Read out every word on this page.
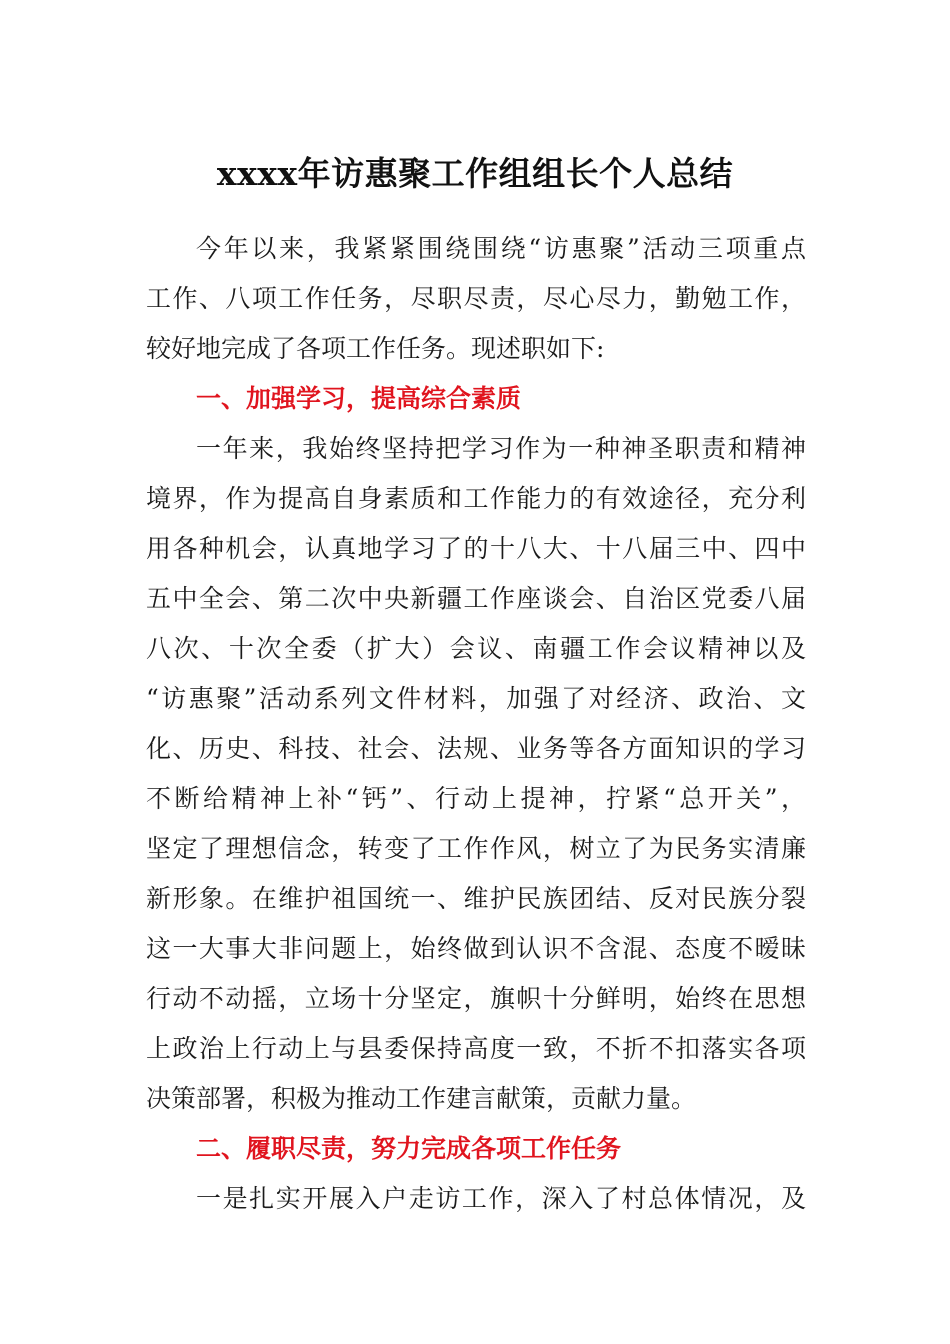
xxxx年访惠聚工作组组长个人总结
今年以来，我紧紧围绕围绕“访惠聚”活动三项重点
工作、八项工作任务，尽职尽责，尽心尽力，勤勉工作，
较好地完成了各项工作任务。现述职如下:
一、加强学习，提高综合素质
一年来，我始终坚持把学习作为一种神圣职责和精神
境界，作为提高自身素质和工作能力的有效途径，充分利
用各种机会，认真地学习了的十八大、十八届三中、四中
五中全会、第二次中央新疆工作座谈会、自治区党委八届
八次、十次全委（扩大）会议、南疆工作会议精神以及
“访惠聚”活动系列文件材料，加强了对经济、政治、文
化、历史、科技、社会、法规、业务等各方面知识的学习
不断给精神上补“钙”、行动上提神，拧紧“总开关”，
坚定了理想信念，转变了工作作风，树立了为民务实清廉
新形象。在维护祖国统一、维护民族团结、反对民族分裂
这一大事大非问题上，始终做到认识不含混、态度不暧昧
行动不动摇，立场十分坚定，旗帜十分鲜明，始终在思想
上政治上行动上与县委保持高度一致，不折不扣落实各项
决策部署，积极为推动工作建言献策，贡献力量。
二、履职尽责，努力完成各项工作任务
一是扎实开展入户走访工作，深入了村总体情况，及
